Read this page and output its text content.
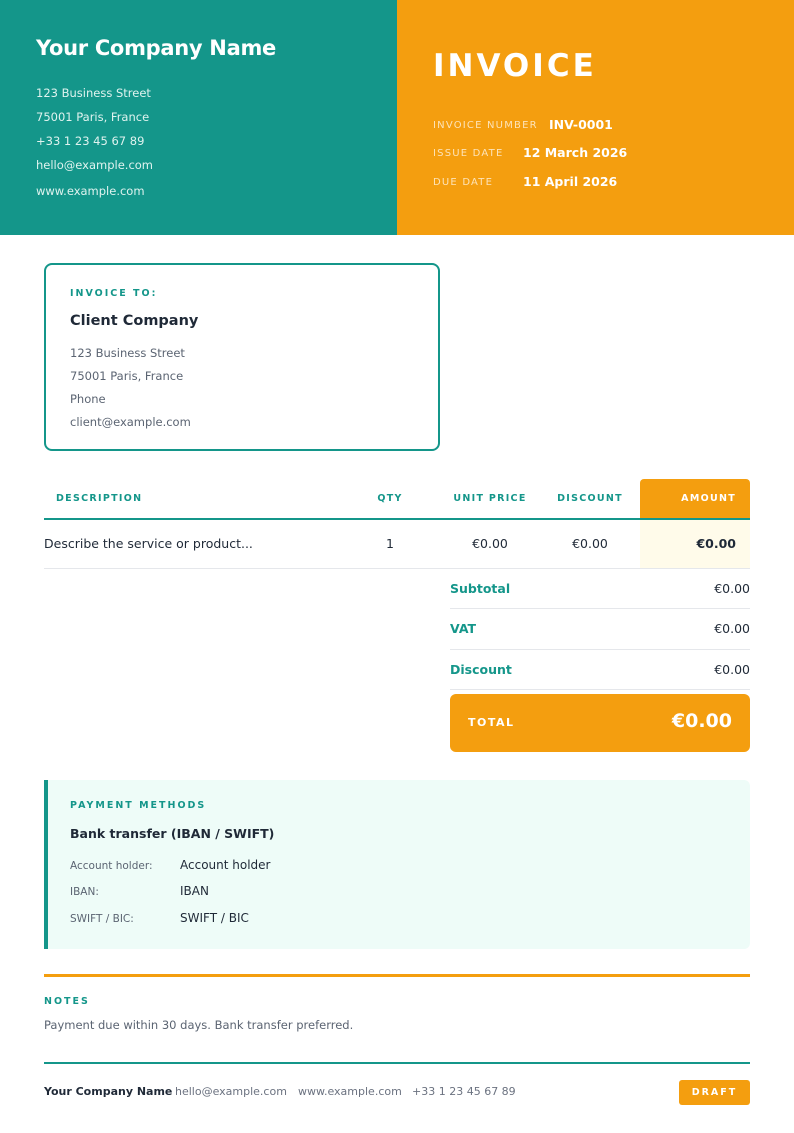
Your Company Name
123 Business Street
75001 Paris, France
+33 1 23 45 67 89
hello@example.com
www.example.com
INVOICE
INVOICE NUMBER INV-0001
ISSUE DATE 12 March 2026
DUE DATE 11 April 2026
INVOICE TO:
Client Company
123 Business Street
75001 Paris, France
Phone
client@example.com
DESCRIPTION	QTY	UNIT PRICE	DISCOUNT	AMOUNT
Describe the service or product...	1	€0.00	€0.00	€0.00
Subtotal	€0.00
VAT	€0.00
Discount	€0.00
TOTAL	€0.00
PAYMENT METHODS
Bank transfer (IBAN / SWIFT)
Account holder: Account holder
IBAN:	IBAN
SWIFT / BIC:	SWIFT / BIC
NOTES
Payment due within 30 days. Bank transfer preferred.
Your Company Name hello@example.com www.example.com +33 1 23 45 67 89	DRAFT
